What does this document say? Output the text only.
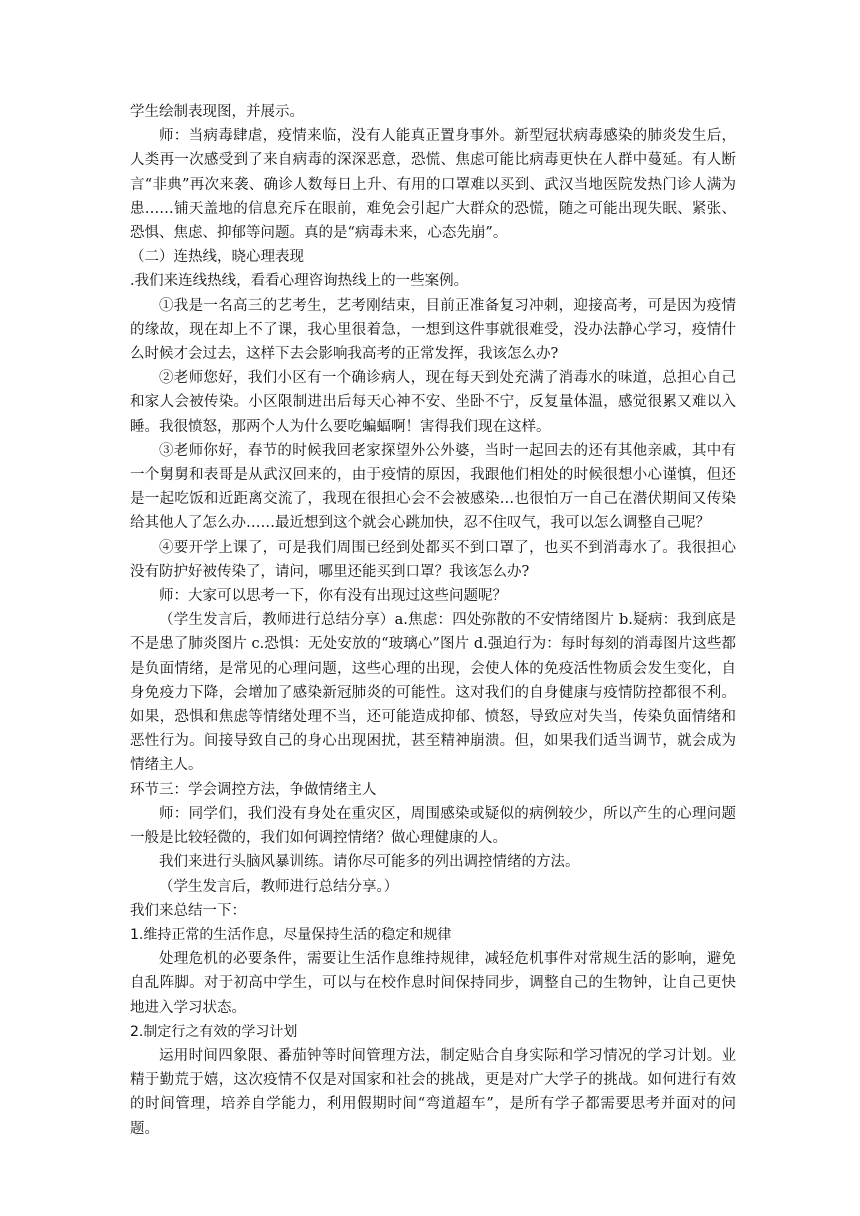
学生绘制表现图，并展示。

师：当病毒肆虐，疫情来临，没有人能真正置身事外。新型冠状病毒感染的肺炎发生后，人类再一次感受到了来自病毒的深深恶意，恐慌、焦虑可能比病毒更快在人群中蔓延。有人断言“非典”再次来袭、确诊人数每日上升、有用的口罩难以买到、武汉当地医院发热门诊人满为患……铺天盖地的信息充斥在眼前，难免会引起广大群众的恐慌，随之可能出现失眠、紧张、恐惧、焦虑、抑郁等问题。真的是“病毒未来，心态先崩”。

（二）连热线，晓心理表现

.我们来连线热线，看看心理咨询热线上的一些案例。

①我是一名高三的艺考生，艺考刚结束，目前正准备复习冲刺，迎接高考，可是因为疫情的缘故，现在却上不了课，我心里很着急，一想到这件事就很难受，没办法静心学习，疫情什么时候才会过去，这样下去会影响我高考的正常发挥，我该怎么办?

②老师您好，我们小区有一个确诊病人，现在每天到处充满了消毒水的味道，总担心自己和家人会被传染。小区限制进出后每天心神不安、坐卧不宁，反复量体温，感觉很累又难以入睡。我很愤怒，那两个人为什么要吃蝙蝠啊！害得我们现在这样。

③老师你好，春节的时候我回老家探望外公外婆，当时一起回去的还有其他亲戚，其中有一个舅舅和表哥是从武汉回来的，由于疫情的原因，我跟他们相处的时候很想小心谨慎，但还是一起吃饭和近距离交流了，我现在很担心会不会被感染…也很怕万一自己在潜伏期间又传染给其他人了怎么办……最近想到这个就会心跳加快，忍不住叹气，我可以怎么调整自己呢？

④要开学上课了，可是我们周围已经到处都买不到口罩了，也买不到消毒水了。我很担心没有防护好被传染了，请问，哪里还能买到口罩？我该怎么办?

师：大家可以思考一下，你有没有出现过这些问题呢？

（学生发言后，教师进行总结分享）a.焦虑：四处弥散的不安情绪图片 b.疑病：我到底是不是患了肺炎图片 c.恐惧：无处安放的“玻璃心”图片 d.强迫行为：每时每刻的消毒图片这些都是负面情绪，是常见的心理问题，这些心理的出现，会使人体的免疫活性物质会发生变化，自身免疫力下降，会增加了感染新冠肺炎的可能性。这对我们的自身健康与疫情防控都很不利。如果，恐惧和焦虑等情绪处理不当，还可能造成抑郁、愤怒，导致应对失当，传染负面情绪和恶性行为。间接导致自己的身心出现困扰，甚至精神崩溃。但，如果我们适当调节，就会成为情绪主人。

环节三：学会调控方法，争做情绪主人

师：同学们，我们没有身处在重灾区，周围感染或疑似的病例较少，所以产生的心理问题一般是比较轻微的，我们如何调控情绪？做心理健康的人。

我们来进行头脑风暴训练。请你尽可能多的列出调控情绪的方法。

（学生发言后，教师进行总结分享。）

我们来总结一下：

1.维持正常的生活作息，尽量保持生活的稳定和规律

处理危机的必要条件，需要让生活作息维持规律，减轻危机事件对常规生活的影响，避免自乱阵脚。对于初高中学生，可以与在校作息时间保持同步，调整自己的生物钟，让自己更快地进入学习状态。

2.制定行之有效的学习计划

运用时间四象限、番茄钟等时间管理方法，制定贴合自身实际和学习情况的学习计划。业精于勤荒于嬉，这次疫情不仅是对国家和社会的挑战，更是对广大学子的挑战。如何进行有效的时间管理，培养自学能力，利用假期时间“弯道超车”，是所有学子都需要思考并面对的问题。
